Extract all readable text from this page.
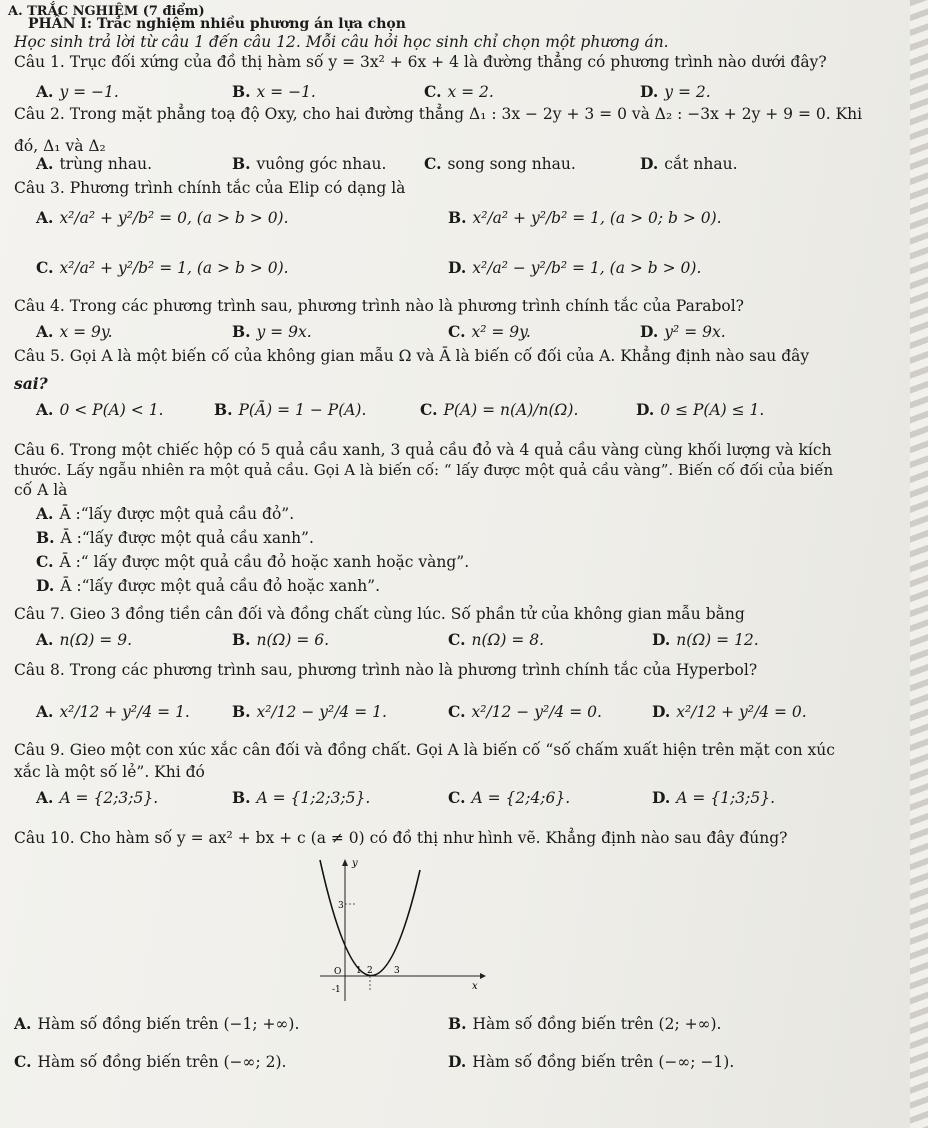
A. TRẮC NGHIỆM (7 điểm)
PHẦN I: Trắc nghiệm nhiều phương án lựa chọn
Học sinh trả lời từ câu 1 đến câu 12. Mỗi câu hỏi học sinh chỉ chọn một phương án.
Câu 1. Trục đối xứng của đồ thị hàm số y = 3x² + 6x + 4 là đường thẳng có phương trình nào dưới đây?
A. y = −1.	B. x = −1.	C. x = 2.	D. y = 2.
Câu 2. Trong mặt phẳng toạ độ Oxy, cho hai đường thẳng Δ₁ : 3x − 2y + 3 = 0 và Δ₂ : −3x + 2y + 9 = 0. Khi
đó, Δ₁ và Δ₂
A. trùng nhau.	B. vuông góc nhau. C. song song nhau.	D. cắt nhau.
Câu 3. Phương trình chính tắc của Elip có dạng là
A. x²/a² + y²/b² = 0, (a > b > 0).	B. x²/a² + y²/b² = 1, (a > 0; b > 0).
C. x²/a² + y²/b² = 1, (a > b > 0).	D. x²/a² − y²/b² = 1, (a > b > 0).
Câu 4. Trong các phương trình sau, phương trình nào là phương trình chính tắc của Parabol?
A. x = 9y.	B. y = 9x.	C. x² = 9y.	D. y² = 9x.
Câu 5. Gọi A là một biến cố của không gian mẫu Ω và Ā là biến cố đối của A. Khẳng định nào sau đây
sai?
A. 0 < P(A) < 1.	B. P(Ā) = 1 − P(A).	C. P(A) = n(A)/n(Ω).	D. 0 ≤ P(A) ≤ 1.
Câu 6. Trong một chiếc hộp có 5 quả cầu xanh, 3 quả cầu đỏ và 4 quả cầu vàng cùng khối lượng và kích
thước. Lấy ngẫu nhiên ra một quả cầu. Gọi A là biến cố: “ lấy được một quả cầu vàng”. Biến cố đối của biến
cố A là
A. Ā :“lấy được một quả cầu đỏ”.
B. Ā :“lấy được một quả cầu xanh”.
C. Ā :“ lấy được một quả cầu đỏ hoặc xanh hoặc vàng”.
D. Ā :“lấy được một quả cầu đỏ hoặc xanh”.
Câu 7. Gieo 3 đồng tiền cân đối và đồng chất cùng lúc. Số phần tử của không gian mẫu bằng
A. n(Ω) = 9.	B. n(Ω) = 6.	C. n(Ω) = 8.	D. n(Ω) = 12.
Câu 8. Trong các phương trình sau, phương trình nào là phương trình chính tắc của Hyperbol?
A. x²/12 + y²/4 = 1.	B. x²/12 − y²/4 = 1.	C. x²/12 − y²/4 = 0.	D. x²/12 + y²/4 = 0.
Câu 9. Gieo một con xúc xắc cân đối và đồng chất. Gọi A là biến cố “số chấm xuất hiện trên mặt con xúc
xắc là một số lẻ”. Khi đó
A. A = {2;3;5}.	B. A = {1;2;3;5}.	C. A = {2;4;6}.	D. A = {1;3;5}.
Câu 10. Cho hàm số y = ax² + bx + c (a ≠ 0) có đồ thị như hình vẽ. Khẳng định nào sau đây đúng?
y
x
3
O 1 2 3
-1
A. Hàm số đồng biến trên (−1; +∞).	B. Hàm số đồng biến trên (2; +∞).
C. Hàm số đồng biến trên (−∞; 2).	D. Hàm số đồng biến trên (−∞; −1).
